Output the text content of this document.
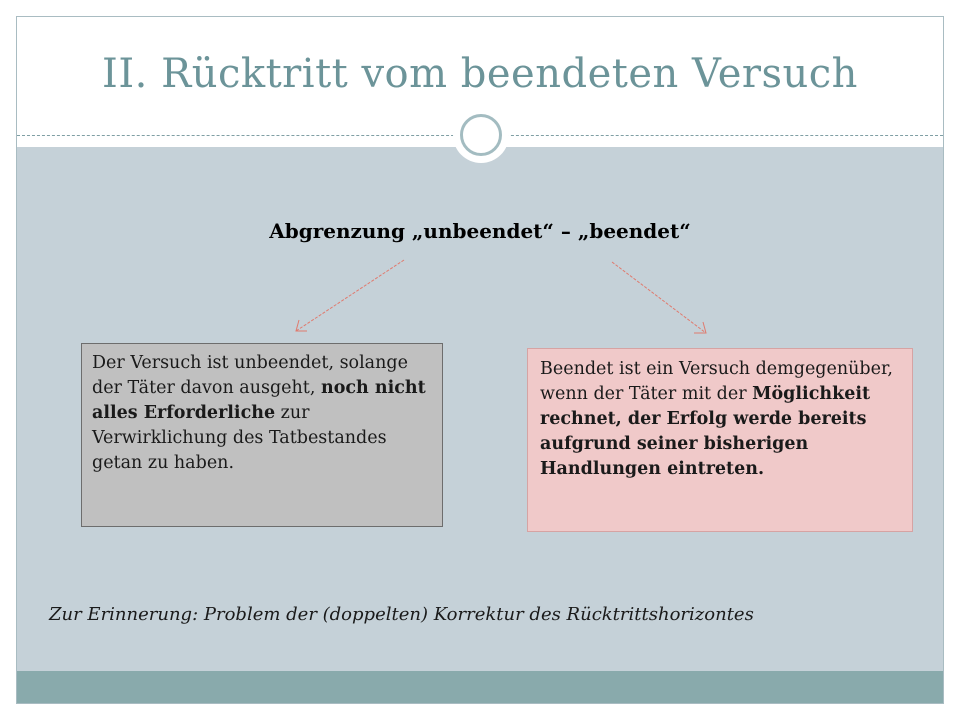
II. Rücktritt vom beendeten Versuch
Abgrenzung „unbeendet“ – „beendet“
Der Versuch ist unbeendet, solange der Täter davon ausgeht, noch nicht alles Erforderliche zur Verwirklichung des Tatbestandes getan zu haben.
Beendet ist ein Versuch demgegenüber, wenn der Täter mit der Möglichkeit rechnet, der Erfolg werde bereits aufgrund seiner bisherigen Handlungen eintreten.
Zur Erinnerung: Problem der (doppelten) Korrektur des Rücktrittshorizontes
